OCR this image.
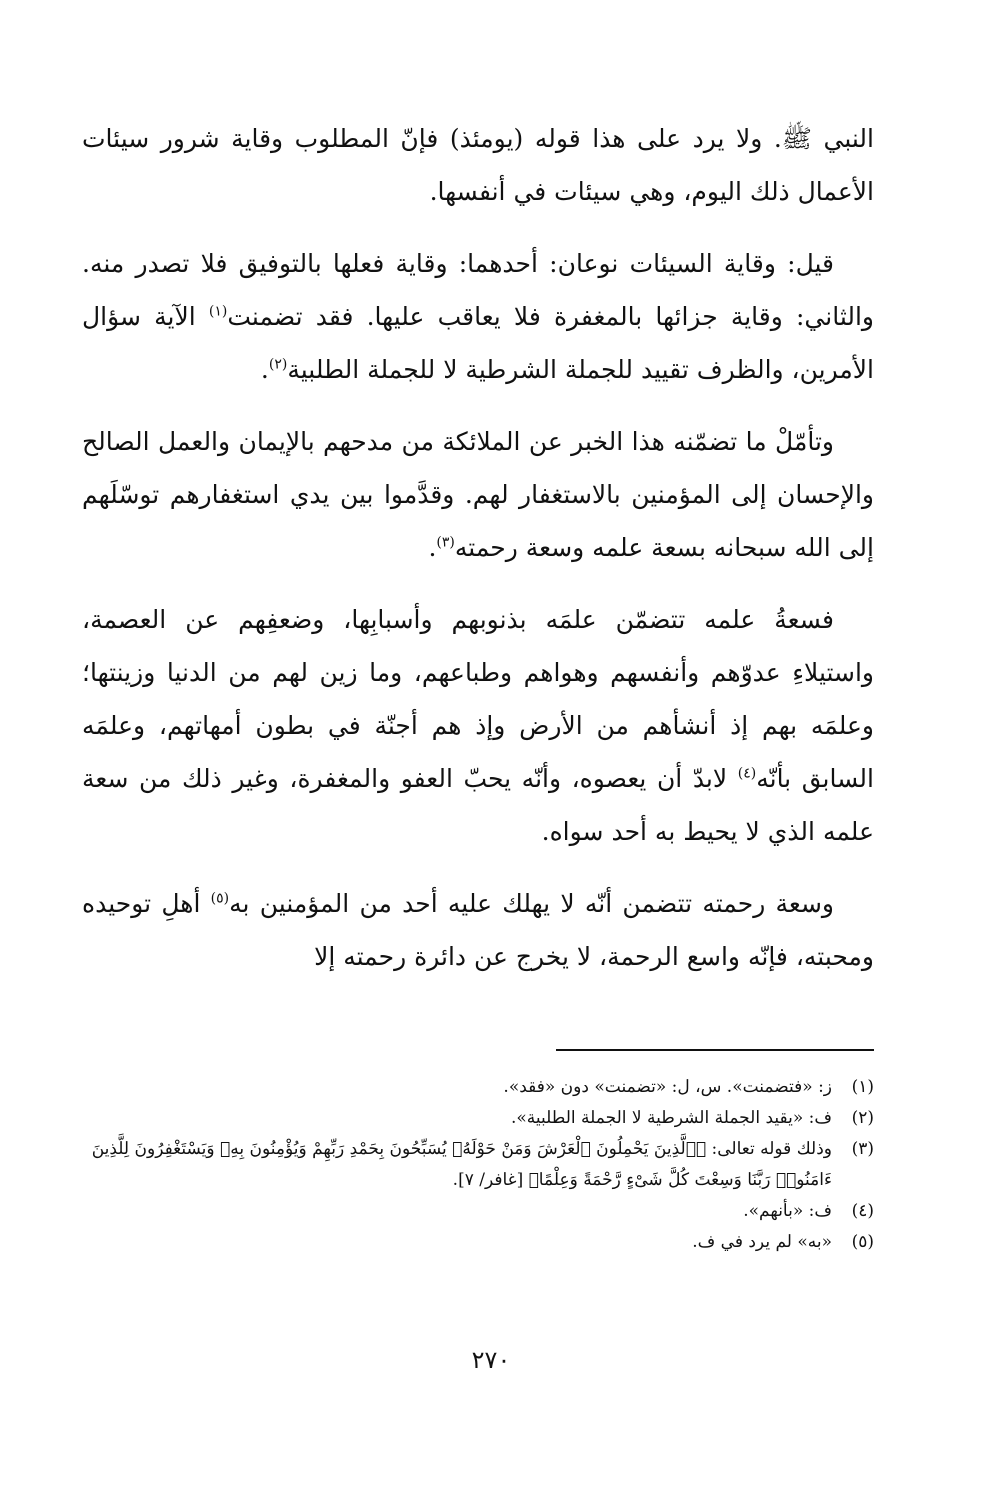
النبي ﷺ. ولا يرد على هذا قوله (يومئذ) فإنّ المطلوب وقاية شرور سيئات الأعمال ذلك اليوم، وهي سيئات في أنفسها.

قيل: وقاية السيئات نوعان: أحدهما: وقاية فعلها بالتوفيق فلا تصدر منه. والثاني: وقاية جزائها بالمغفرة فلا يعاقب عليها. فقد تضمنت$^{(١)}$ الآية سؤال الأمرين، والظرف تقييد للجملة الشرطية لا للجملة الطلبية$^{(٢)}$.

وتأمّلْ ما تضمّنه هذا الخبر عن الملائكة من مدحهم بالإيمان والعمل الصالح والإحسان إلى المؤمنين بالاستغفار لهم. وقدَّموا بين يدي استغفارهم توسّلَهم إلى الله سبحانه بسعة علمه وسعة رحمته$^{(٣)}$.

فسعةُ علمه تتضمّن علمَه بذنوبهم وأسبابِها، وضعفِهم عن العصمة، واستيلاءِ عدوّهم وأنفسهم وهواهم وطباعهم، وما زين لهم من الدنيا وزينتها؛ وعلمَه بهم إذ أنشأهم من الأرض وإذ هم أجنّة في بطون أمهاتهم، وعلمَه السابق بأنّه$^{(٤)}$ لابدّ أن يعصوه، وأنّه يحبّ العفو والمغفرة، وغير ذلك من سعة علمه الذي لا يحيط به أحد سواه.

وسعة رحمته تتضمن أنّه لا يهلك عليه أحد من المؤمنين به$^{(٥)}$ أهلِ توحيده ومحبته، فإنّه واسع الرحمة، لا يخرج عن دائرة رحمته إلا

(١)
ز: «فتضمنت». س، ل: «تضمنت» دون «فقد».
(٢)
ف: «يقيد الجملة الشرطية لا الجملة الطلبية».
(٣)
وذلك قوله تعالى: ﴿ٱلَّذِينَ يَحْمِلُونَ ٱلْعَرْشَ وَمَنْ حَوْلَهُۥ يُسَبِّحُونَ بِحَمْدِ رَبِّهِمْ وَيُؤْمِنُونَ بِهِۦ وَيَسْتَغْفِرُونَ لِلَّذِينَ ءَامَنُوا۟ رَبَّنَا وَسِعْتَ كُلَّ شَىْءٍ رَّحْمَةً وَعِلْمًا﴾ [غافر/ ٧].
(٤)
ف: «بأنهم».
(٥)
«به» لم يرد في ف.
٢٧٠
